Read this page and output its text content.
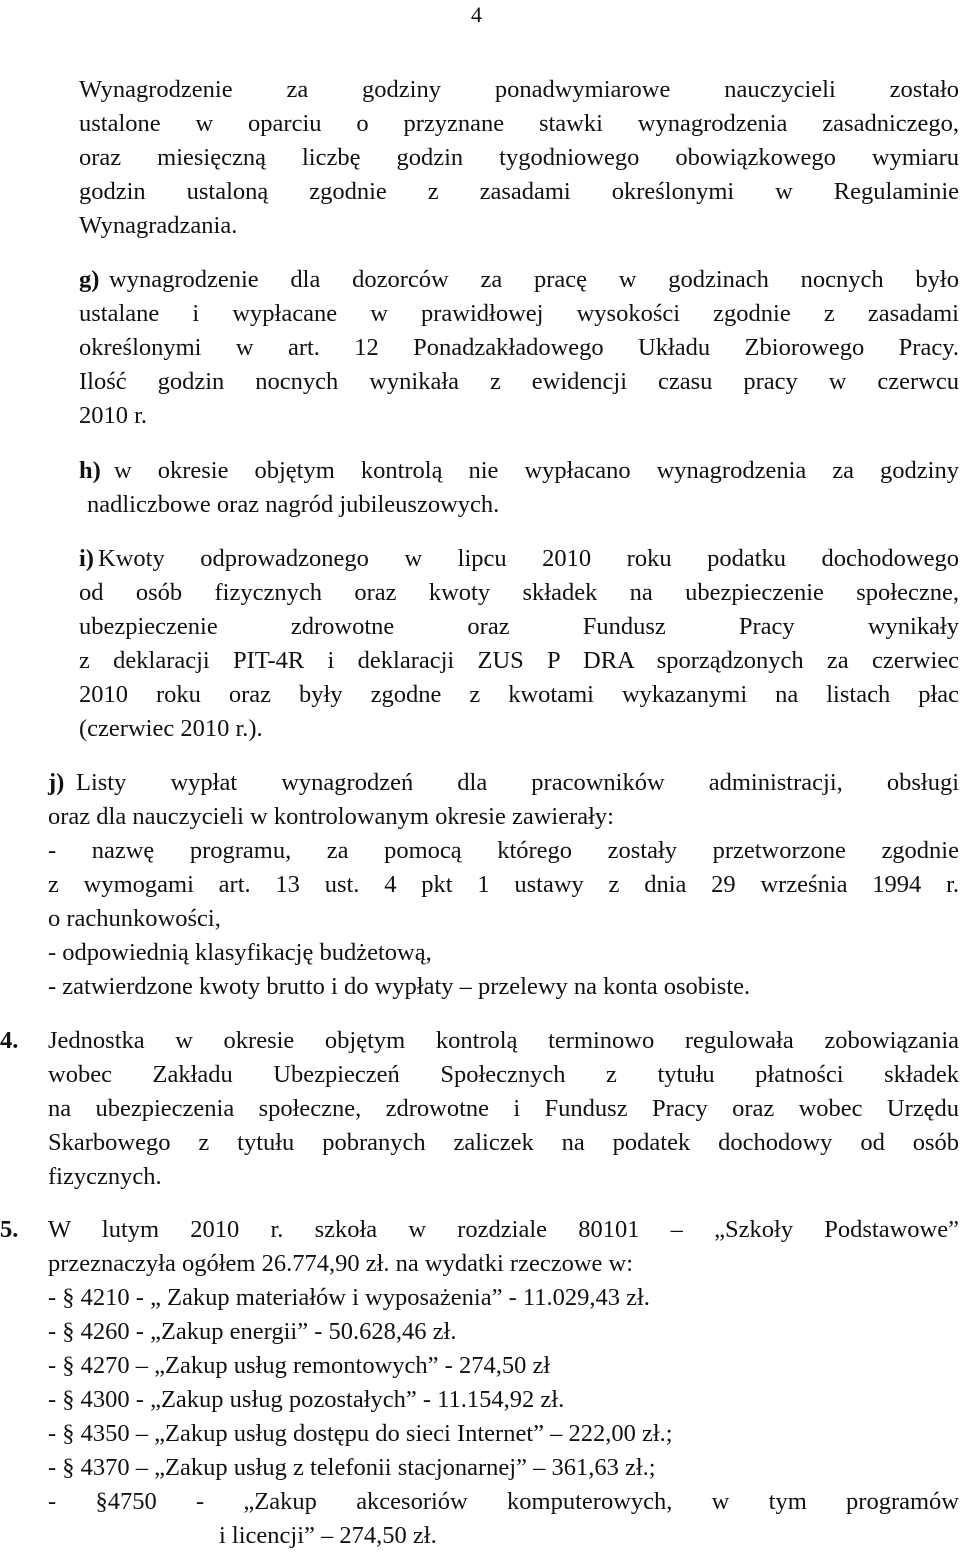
4
Wynagrodzenie za godziny ponadwymiarowe nauczycieli zostało
ustalone w oparciu o przyznane stawki wynagrodzenia zasadniczego,
oraz miesięczną liczbę godzin tygodniowego obowiązkowego wymiaru
godzin ustaloną zgodnie z zasadami określonymi w Regulaminie
Wynagradzania.
g) wynagrodzenie dla dozorców za pracę w godzinach nocnych było
ustalane i wypłacane w prawidłowej wysokości zgodnie z zasadami
określonymi w art. 12 Ponadzakładowego Układu Zbiorowego Pracy.
Ilość godzin nocnych wynikała z ewidencji czasu pracy w czerwcu
2010 r.
h) w okresie objętym kontrolą nie wypłacano wynagrodzenia za godziny
nadliczbowe oraz nagród jubileuszowych.
i) Kwoty odprowadzonego w lipcu 2010 roku podatku dochodowego
od osób fizycznych oraz kwoty składek na ubezpieczenie społeczne,
ubezpieczenie zdrowotne oraz Fundusz Pracy wynikały
z deklaracji PIT-4R i deklaracji ZUS P DRA sporządzonych za czerwiec
2010 roku oraz były zgodne z kwotami wykazanymi na listach płac
(czerwiec 2010 r.).
j) Listy wypłat wynagrodzeń dla pracowników administracji, obsługi
oraz dla nauczycieli w kontrolowanym okresie zawierały:
- nazwę programu, za pomocą którego zostały przetworzone zgodnie
z wymogami art. 13 ust. 4 pkt 1 ustawy z dnia 29 września 1994 r.
o rachunkowości,
- odpowiednią klasyfikację budżetową,
- zatwierdzone kwoty brutto i do wypłaty – przelewy na konta osobiste.
4. Jednostka w okresie objętym kontrolą terminowo regulowała zobowiązania
wobec Zakładu Ubezpieczeń Społecznych z tytułu płatności składek
na ubezpieczenia społeczne, zdrowotne i Fundusz Pracy oraz wobec Urzędu
Skarbowego z tytułu pobranych zaliczek na podatek dochodowy od osób
fizycznych.
5. W lutym 2010 r. szkoła w rozdziale 80101 – „Szkoły Podstawowe”
przeznaczyła ogółem 26.774,90 zł. na wydatki rzeczowe w:
- § 4210 - „ Zakup materiałów i wyposażenia” - 11.029,43 zł.
- § 4260 - „Zakup energii” - 50.628,46 zł.
- § 4270 – „Zakup usług remontowych” - 274,50 zł
- § 4300 - „Zakup usług pozostałych” - 11.154,92 zł.
- § 4350 – „Zakup usług dostępu do sieci Internet” – 222,00 zł.;
- § 4370 – „Zakup usług z telefonii stacjonarnej” – 361,63 zł.;
- §4750 - „Zakup akcesoriów komputerowych, w tym programów
i licencji” – 274,50 zł.
